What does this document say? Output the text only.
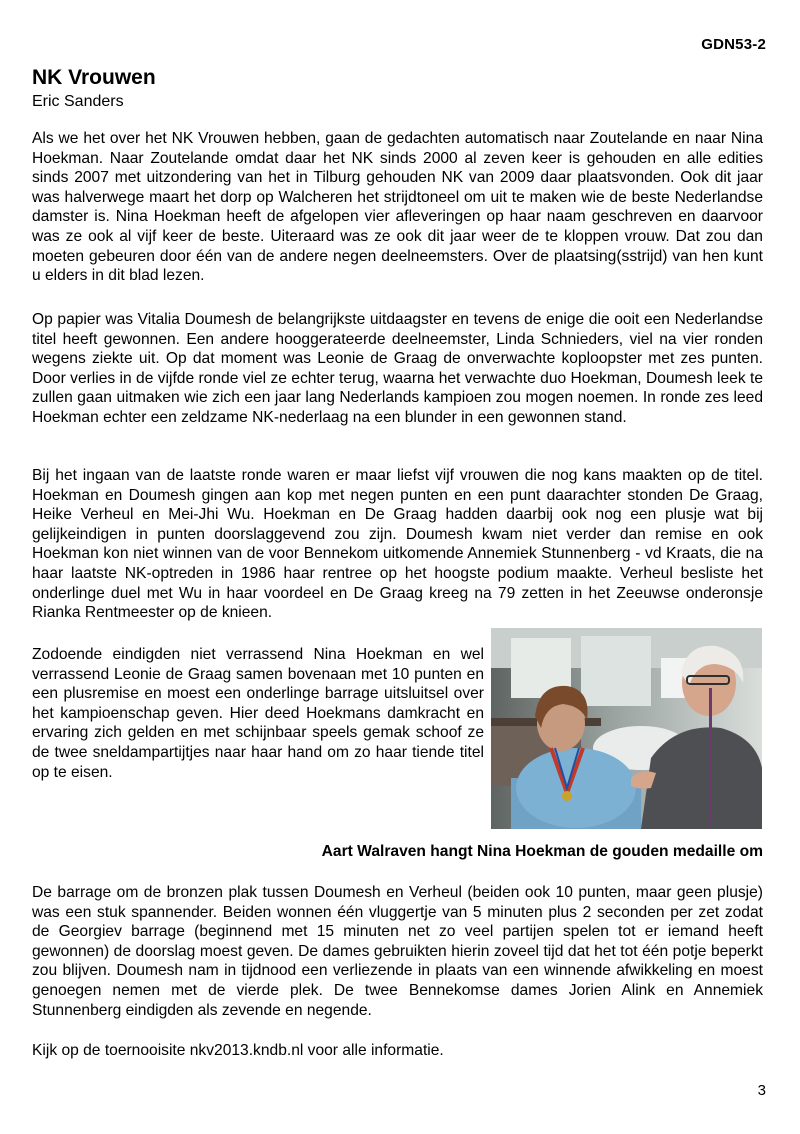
GDN53-2
NK Vrouwen
Eric Sanders

Als we het over het NK Vrouwen hebben, gaan de gedachten automatisch naar Zoutelande en naar Nina Hoekman. Naar Zoutelande omdat daar het NK sinds 2000 al zeven keer is gehouden en alle edities sinds 2007 met uitzondering van het in Tilburg gehouden NK van 2009 daar plaatsvonden. Ook dit jaar was halverwege maart het dorp op Walcheren het strijdtoneel om uit te maken wie de beste Nederlandse damster is. Nina Hoekman heeft de afgelopen vier afleveringen op haar naam geschreven en daarvoor was ze ook al vijf keer de beste. Uiteraard was ze ook dit jaar weer de te kloppen vrouw. Dat zou dan moeten gebeuren door één van de andere negen deelneemsters. Over de plaatsing(sstrijd) van hen kunt u elders in dit blad lezen.

Op papier was Vitalia Doumesh de belangrijkste uitdaagster en tevens de enige die ooit een Nederlandse titel heeft gewonnen. Een andere hooggerateerde deelneemster, Linda Schnieders, viel na vier ronden wegens ziekte uit. Op dat moment was Leonie de Graag de onverwachte koploopster met zes punten. Door verlies in de vijfde ronde viel ze echter terug, waarna het verwachte duo Hoekman, Doumesh leek te zullen gaan uitmaken wie zich een jaar lang Nederlands kampioen zou mogen noemen. In ronde zes leed Hoekman echter een zeldzame NK-nederlaag na een blunder in een gewonnen stand.

Bij het ingaan van de laatste ronde waren er maar liefst vijf vrouwen die nog kans maakten op de titel. Hoekman en Doumesh gingen aan kop met negen punten en een punt daarachter stonden De Graag, Heike Verheul en Mei-Jhi Wu. Hoekman en De Graag hadden daarbij ook nog een plusje wat bij gelijkeindigen in punten doorslaggevend zou zijn. Doumesh kwam niet verder dan remise en ook Hoekman kon niet winnen van de voor Bennekom uitkomende Annemiek Stunnenberg - vd Kraats, die na haar laatste NK-optreden in 1986 haar rentree op het hoogste podium maakte. Verheul besliste het onderlinge duel met Wu in haar voordeel en De Graag kreeg na 79 zetten in het Zeeuwse onderonsje Rianka Rentmeester op de knieen.

Zodoende eindigden niet verrassend Nina Hoekman en wel verrassend Leonie de Graag samen bovenaan met 10 punten en een plusremise en moest een onderlinge barrage uitsluitsel over het kampioenschap geven. Hier deed Hoekmans damkracht en ervaring zich gelden en met schijnbaar speels gemak schoof ze de twee sneldampartijtjes naar haar hand om zo haar tiende titel op te eisen.

Aart Walraven hangt Nina Hoekman de gouden medaille om

De barrage om de bronzen plak tussen Doumesh en Verheul (beiden ook 10 punten, maar geen plusje) was een stuk spannender. Beiden wonnen één vluggertje van 5 minuten plus 2 seconden per zet zodat de Georgiev barrage (beginnend met 15 minuten net zo veel partijen spelen tot er iemand heeft gewonnen) de doorslag moest geven. De dames gebruikten hierin zoveel tijd dat het tot één potje beperkt zou blijven. Doumesh nam in tijdnood een verliezende in plaats van een winnende afwikkeling en moest genoegen nemen met de vierde plek. De twee Bennekomse dames Jorien Alink en Annemiek Stunnenberg eindigden als zevende en negende.

Kijk op de toernooisite nkv2013.kndb.nl voor alle informatie.

3
